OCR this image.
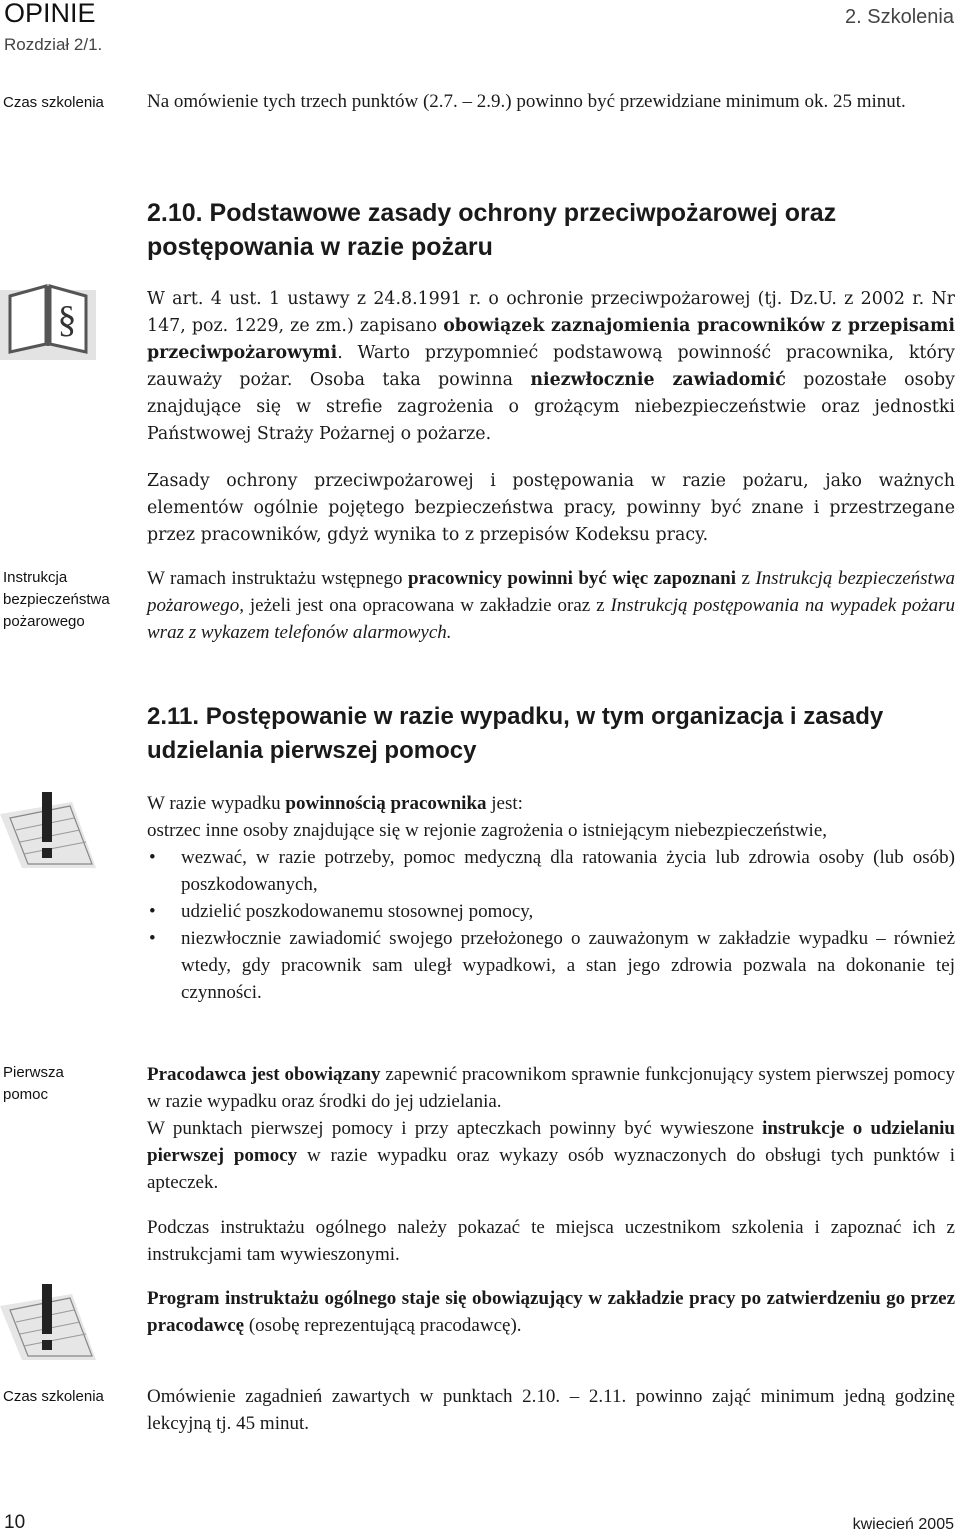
OPINIE
Rozdział 2/1.
2. Szkolenia
Czas szkolenia
Instrukcja
bezpieczeństwa
pożarowego
Pierwsza
pomoc
Czas szkolenia
§
Na omówienie tych trzech punktów (2.7. – 2.9.) powinno być przewidziane minimum ok. 25 minut.
2.10. Podstawowe zasady ochrony przeciwpożarowej oraz postępowania w razie pożaru
W art. 4 ust. 1 ustawy z 24.8.1991 r. o ochronie przeciwpożarowej (tj. Dz.U. z 2002 r. Nr 147, poz. 1229, ze zm.) zapisano obowiązek zaznajomienia pracowników z przepisami przeciwpożarowymi. Warto przypomnieć podstawową powinność pracownika, który zauważy pożar. Osoba taka powinna niezwłocznie zawiadomić pozostałe osoby znajdujące się w strefie zagrożenia o grożącym niebezpieczeństwie oraz jednostki Państwowej Straży Pożarnej o pożarze.
Zasady ochrony przeciwpożarowej i postępowania w razie pożaru, jako ważnych elementów ogólnie pojętego bezpieczeństwa pracy, powinny być znane i przestrzegane przez pracowników, gdyż wynika to z przepisów Kodeksu pracy.
W ramach instruktażu wstępnego pracownicy powinni być więc zapoznani z Instrukcją bezpieczeństwa pożarowego, jeżeli jest ona opracowana w zakładzie oraz z Instrukcją postępowania na wypadek pożaru wraz z wykazem telefonów alarmowych.
2.11. Postępowanie w razie wypadku, w tym organizacja i zasady udzielania pierwszej pomocy
W razie wypadku powinnością pracownika jest:
ostrzec inne osoby znajdujące się w rejonie zagrożenia o istniejącym niebezpieczeństwie,
• wezwać, w razie potrzeby, pomoc medyczną dla ratowania życia lub zdrowia osoby (lub osób) poszkodowanych,
• udzielić poszkodowanemu stosownej pomocy,
• niezwłocznie zawiadomić swojego przełożonego o zauważonym w zakładzie wypadku – również wtedy, gdy pracownik sam uległ wypadkowi, a stan jego zdrowia pozwala na dokonanie tej czynności.
Pracodawca jest obowiązany zapewnić pracownikom sprawnie funkcjonujący system pierwszej pomocy w razie wypadku oraz środki do jej udzielania.
W punktach pierwszej pomocy i przy apteczkach powinny być wywieszone instrukcje o udzielaniu pierwszej pomocy w razie wypadku oraz wykazy osób wyznaczonych do obsługi tych punktów i apteczek.
Podczas instruktażu ogólnego należy pokazać te miejsca uczestnikom szkolenia i zapoznać ich z instrukcjami tam wywieszonymi.
Program instruktażu ogólnego staje się obowiązujący w zakładzie pracy po zatwierdzeniu go przez pracodawcę (osobę reprezentującą pracodawcę).
Omówienie zagadnień zawartych w punktach 2.10. – 2.11. powinno zająć minimum jedną godzinę lekcyjną tj. 45 minut.
10	kwiecień 2005
